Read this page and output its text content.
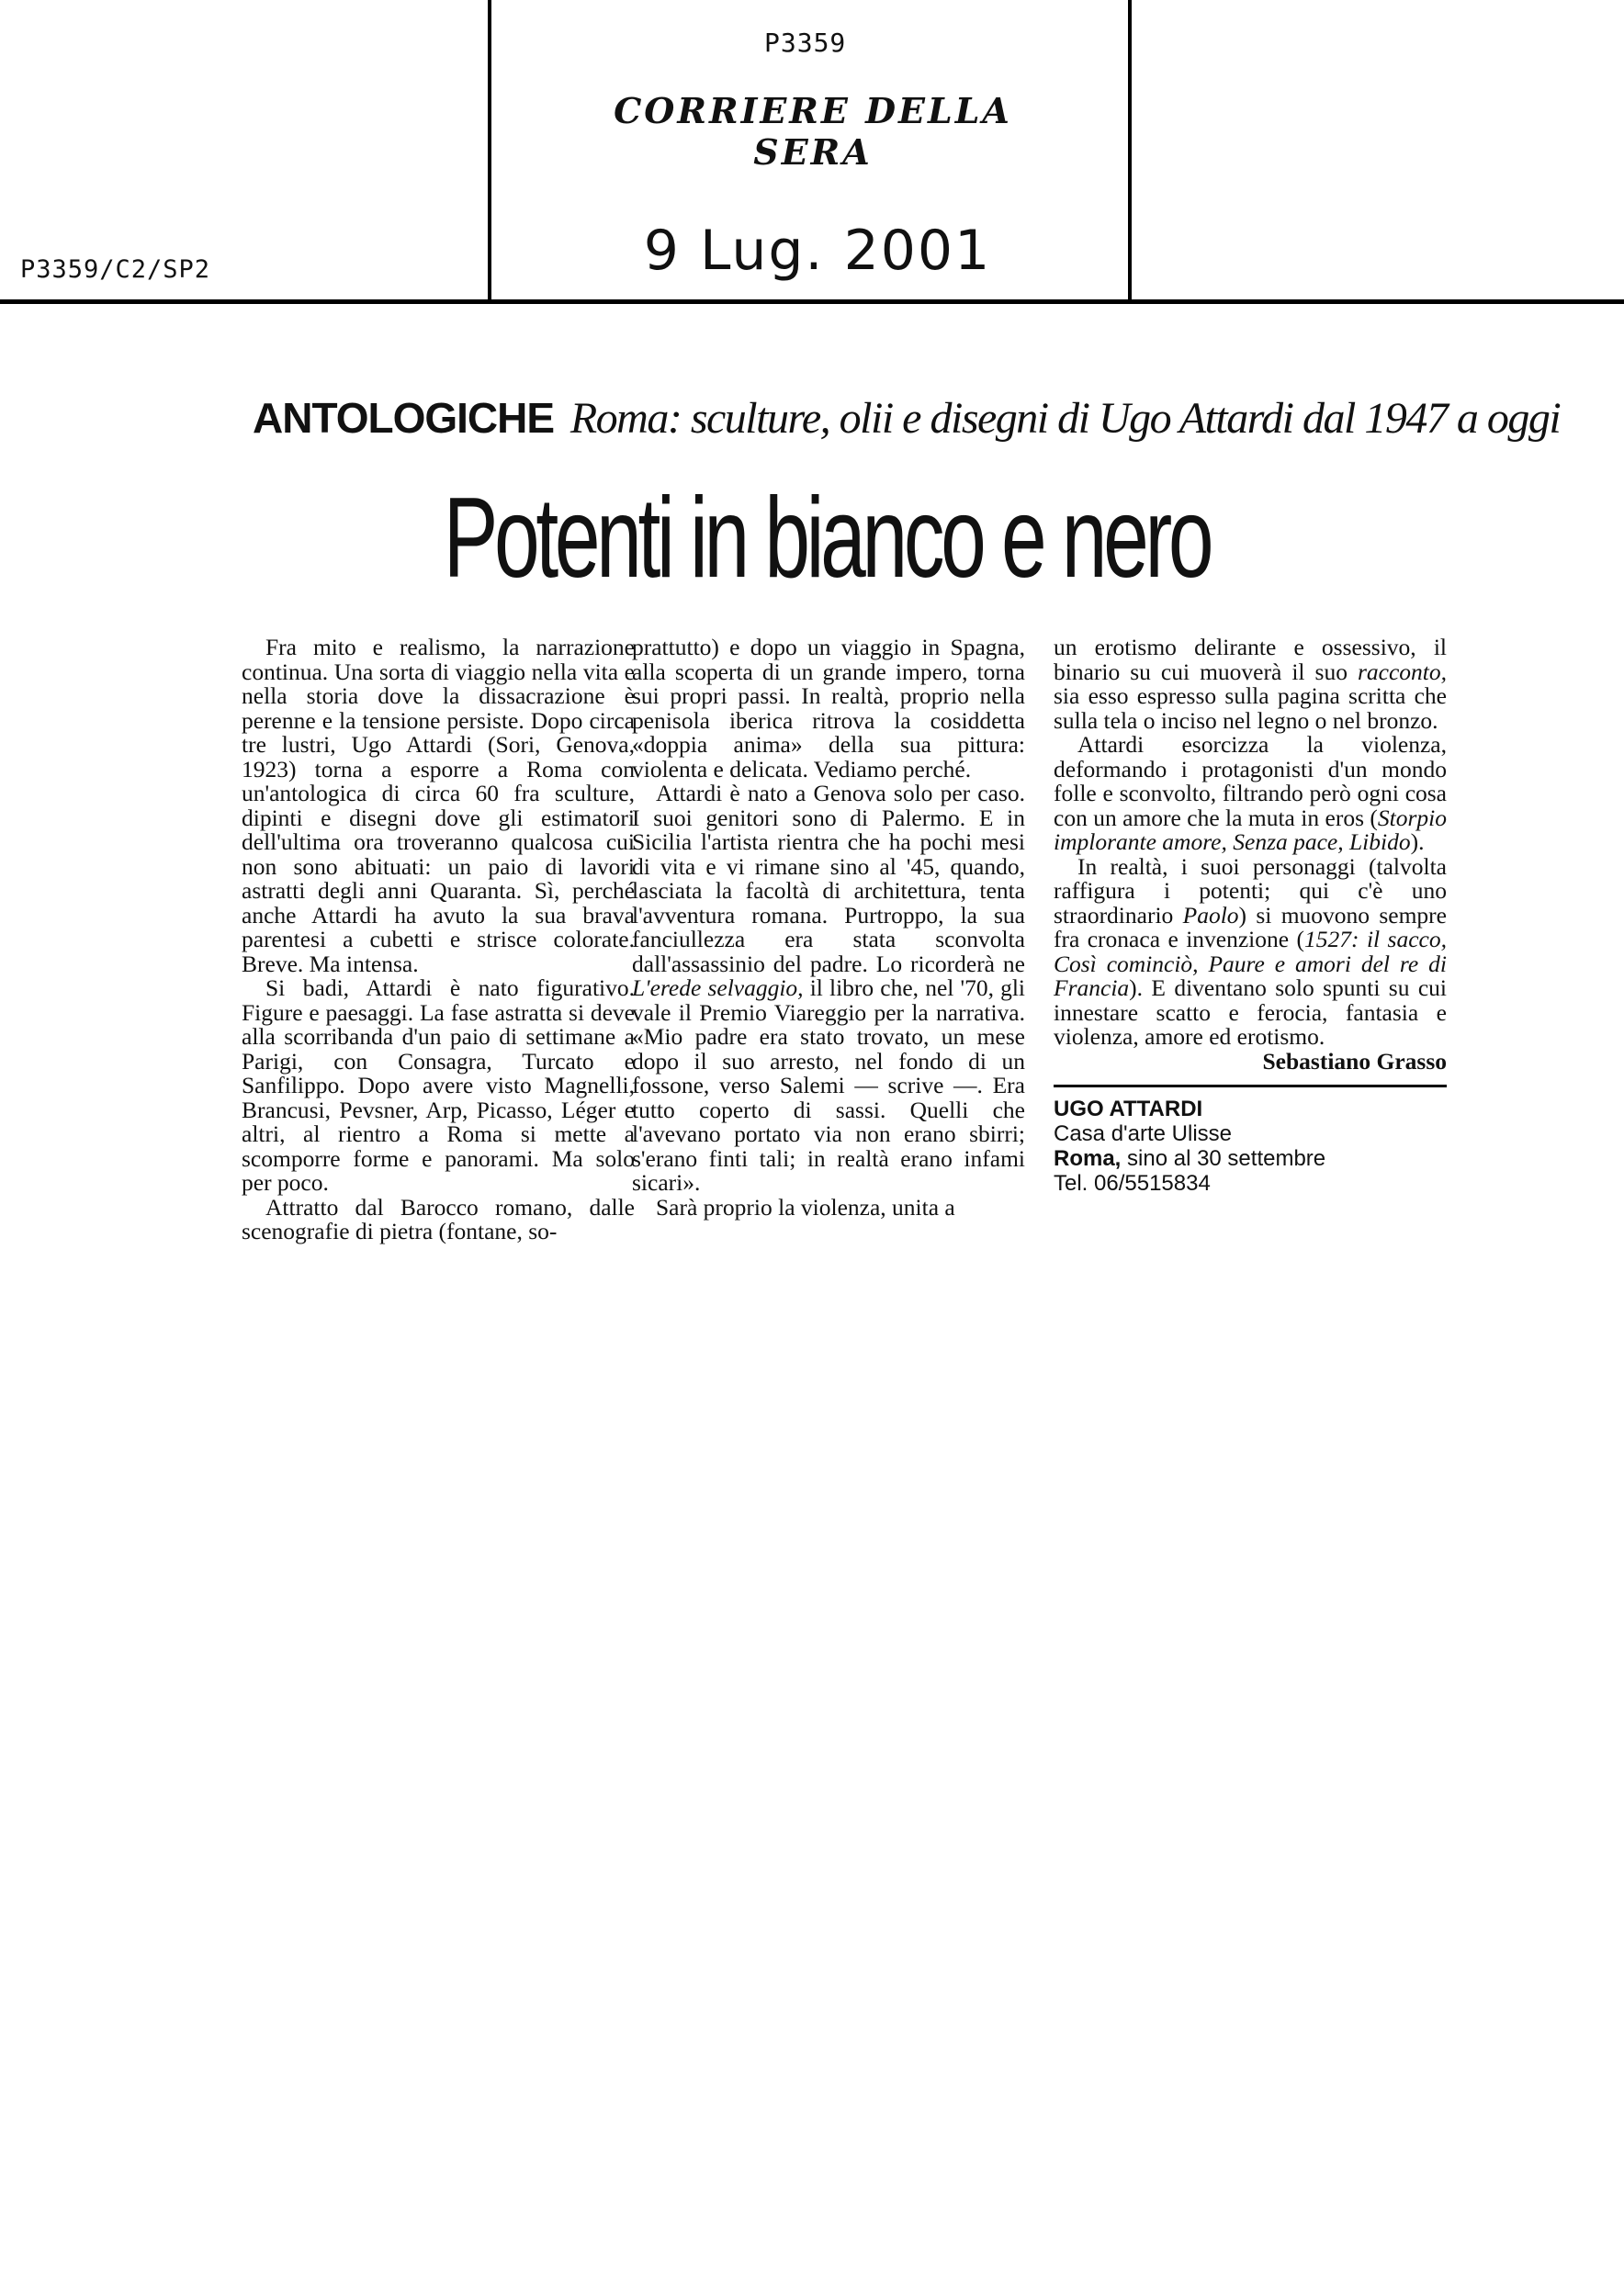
P3359
CORRIERE DELLA SERA
P3359/C2/SP2	9 Lug. 2001
ANTOLOGICHE Roma: sculture, olii e disegni di Ugo Attardi dal 1947 a oggi
Potenti in bianco e nero

Fra mito e realismo, la narrazione continua. Una sorta di viaggio nella vita e nella storia dove la dissacrazione è perenne e la tensione persiste. Dopo circa tre lustri, Ugo Attardi (Sori, Genova, 1923) torna a esporre a Roma con un'antologica di circa 60 fra sculture, dipinti e disegni dove gli estimatori dell'ultima ora troveranno qualcosa cui non sono abituati: un paio di lavori astratti degli anni Quaranta. Sì, perché anche Attardi ha avuto la sua brava parentesi a cubetti e strisce colorate. Breve. Ma intensa.

Si badi, Attardi è nato figurativo. Figure e paesaggi. La fase astratta si deve alla scorribanda d'un paio di settimane a Parigi, con Consagra, Turcato e Sanfilippo. Dopo avere visto Magnelli, Brancusi, Pevsner, Arp, Picasso, Léger e altri, al rientro a Roma si mette a scomporre forme e panorami. Ma solo per poco.

Attratto dal Barocco romano, dalle scenografie di pietra (fontane, so-

prattutto) e dopo un viaggio in Spagna, alla scoperta di un grande impero, torna sui propri passi. In realtà, proprio nella penisola iberica ritrova la cosiddetta «doppia anima» della sua pittura: violenta e delicata. Vediamo perché.

Attardi è nato a Genova solo per caso. I suoi genitori sono di Palermo. E in Sicilia l'artista rientra che ha pochi mesi di vita e vi rimane sino al '45, quando, lasciata la facoltà di architettura, tenta l'avventura romana. Purtroppo, la sua fanciullezza era stata sconvolta dall'assassinio del padre. Lo ricorderà ne L'erede selvaggio, il libro che, nel '70, gli vale il Premio Viareggio per la narrativa. «Mio padre era stato trovato, un mese dopo il suo arresto, nel fondo di un fossone, verso Salemi — scrive —. Era tutto coperto di sassi. Quelli che l'avevano portato via non erano sbirri; s'erano finti tali; in realtà erano infami sicari».

Sarà proprio la violenza, unita a

un erotismo delirante e ossessivo, il binario su cui muoverà il suo racconto, sia esso espresso sulla pagina scritta che sulla tela o inciso nel legno o nel bronzo.

Attardi esorcizza la violenza, deformando i protagonisti d'un mondo folle e sconvolto, filtrando però ogni cosa con un amore che la muta in eros (Storpio implorante amore, Senza pace, Libido).

In realtà, i suoi personaggi (talvolta raffigura i potenti; qui c'è uno straordinario Paolo) si muovono sempre fra cronaca e invenzione (1527: il sacco, Così cominciò, Paure e amori del re di Francia). E diventano solo spunti su cui innestare scatto e ferocia, fantasia e violenza, amore ed erotismo.

Sebastiano Grasso
UGO ATTARDI
Casa d'arte Ulisse
Roma, sino al 30 settembre
Tel. 06/5515834
